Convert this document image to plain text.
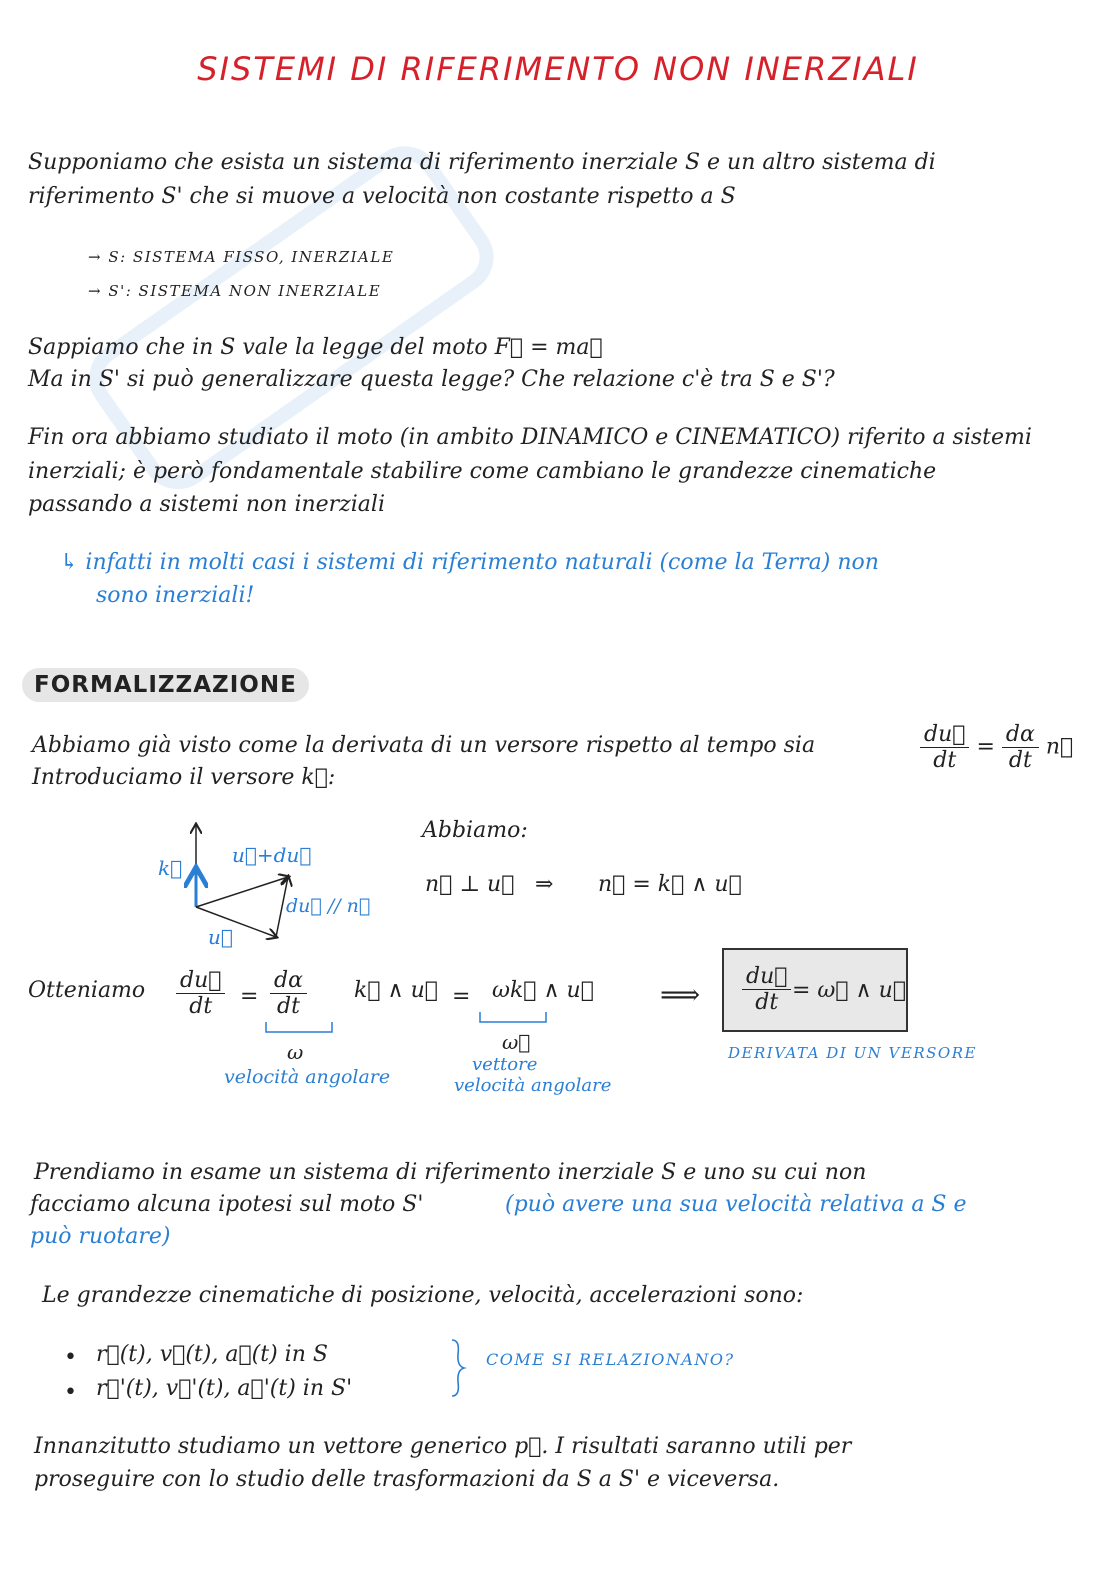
SISTEMI DI RIFERIMENTO NON INERZIALI
Supponiamo che esista un sistema di riferimento inerziale S e un altro sistema di
riferimento S' che si muove a velocità non costante rispetto a S
→ S: SISTEMA FISSO, INERZIALE
→ S': SISTEMA NON INERZIALE
Sappiamo che in S vale la legge del moto F⃗ = ma⃗
Ma in S' si può generalizzare questa legge? Che relazione c'è tra S e S'?
Fin ora abbiamo studiato il moto (in ambito DINAMICO e CINEMATICO) riferito a sistemi
inerziali; è però fondamentale stabilire come cambiano le grandezze cinematiche
passando a sistemi non inerziali
↳ infatti in molti casi i sistemi di riferimento naturali (come la Terra) non
sono inerziali!
FORMALIZZAZIONE
Abbiamo già visto come la derivata di un versore rispetto al tempo sia	$\frac{du⃗}{dt} = \frac{d\alpha}{dt}$ n⃗
Introduciamo il versore k⃗:
k⃗
u⃗+du⃗
du⃗ // n⃗
u⃗
Abbiamo:
n⃗ ⊥ u⃗ ⇒ n⃗ = k⃗ ∧ u⃗
Otteniamo $\frac{du⃗}{dt} = \frac{d\alpha}{dt}$ k⃗ ∧ u⃗ = ωk⃗ ∧ u⃗ ⟹
ω
velocità angolare
ω⃗
vettore
velocità angolare
$\frac{du⃗}{dt}$ = ω⃗ ∧ u⃗
DERIVATA DI UN VERSORE
Prendiamo in esame un sistema di riferimento inerziale S e uno su cui non
facciamo alcuna ipotesi sul moto S'	(può avere una sua velocità relativa a S e
può ruotare)
Le grandezze cinematiche di posizione, velocità, accelerazioni sono:
• r⃗(t), v⃗(t), a⃗(t) in S
• r⃗'(t), v⃗'(t), a⃗'(t) in S'
COME SI RELAZIONANO?
Innanzitutto studiamo un vettore generico p⃗. I risultati saranno utili per
proseguire con lo studio delle trasformazioni da S a S' e viceversa.
